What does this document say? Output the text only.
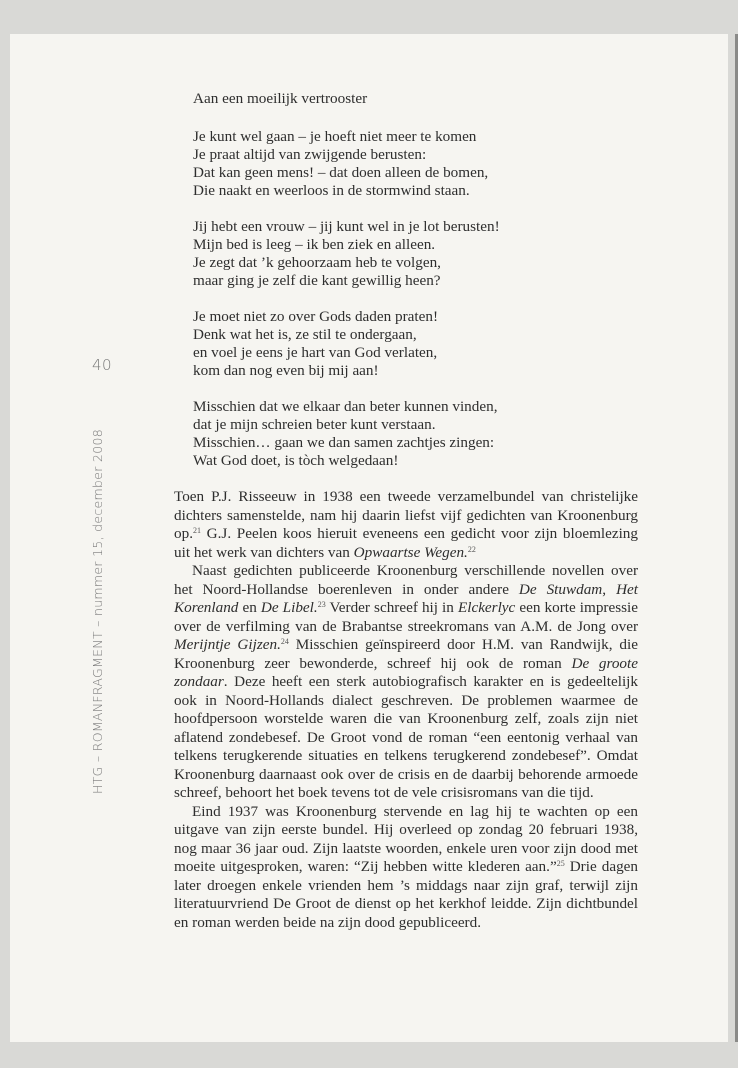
40
HTG – ROMANFRAGMENT – nummer 15, december 2008
Aan een moeilijk vertrooster
Je kunt wel gaan – je hoeft niet meer te komen
Je praat altijd van zwijgende berusten:
Dat kan geen mens! – dat doen alleen de bomen,
Die naakt en weerloos in de stormwind staan.
Jij hebt een vrouw – jij kunt wel in je lot berusten!
Mijn bed is leeg – ik ben ziek en alleen.
Je zegt dat ’k gehoorzaam heb te volgen,
maar ging je zelf die kant gewillig heen?
Je moet niet zo over Gods daden praten!
Denk wat het is, ze stil te ondergaan,
en voel je eens je hart van God verlaten,
kom dan nog even bij mij aan!
Misschien dat we elkaar dan beter kunnen vinden,
dat je mijn schreien beter kunt verstaan.
Misschien… gaan we dan samen zachtjes zingen:
Wat God doet, is tòch welgedaan!

Toen P.J. Risseeuw in 1938 een tweede verzamelbundel van christelijke dichters samenstelde, nam hij daarin liefst vijf gedichten van Kroonenburg op.$^{21}$ G.J. Peelen koos hieruit eveneens een gedicht voor zijn bloemlezing uit het werk van dichters van Opwaartse Wegen.$^{22}$

Naast gedichten publiceerde Kroonenburg verschillende novellen over het Noord-Hollandse boerenleven in onder andere De Stuwdam, Het Korenland en De Libel.$^{23}$ Verder schreef hij in Elckerlyc een korte impressie over de verfilming van de Brabantse streekromans van A.M. de Jong over Merijntje Gijzen.$^{24}$ Misschien geïnspireerd door H.M. van Randwijk, die Kroonenburg zeer bewonderde, schreef hij ook de roman De groote zondaar. Deze heeft een sterk autobiografisch karakter en is gedeeltelijk ook in Noord-Hollands dialect geschreven. De problemen waarmee de hoofdpersoon worstelde waren die van Kroonenburg zelf, zoals zijn niet aflatend zondebesef. De Groot vond de roman “een eentonig verhaal van telkens terugkerende situaties en telkens terugkerend zondebesef”. Omdat Kroonenburg daarnaast ook over de crisis en de daarbij behorende armoede schreef, behoort het boek tevens tot de vele crisisromans van die tijd.

Eind 1937 was Kroonenburg stervende en lag hij te wachten op een uitgave van zijn eerste bundel. Hij overleed op zondag 20 februari 1938, nog maar 36 jaar oud. Zijn laatste woorden, enkele uren voor zijn dood met moeite uitgesproken, waren: “Zij hebben witte klederen aan.”$^{25}$ Drie dagen later droegen enkele vrienden hem ’s middags naar zijn graf, terwijl zijn literatuurvriend De Groot de dienst op het kerkhof leidde. Zijn dichtbundel en roman werden beide na zijn dood gepubliceerd.
